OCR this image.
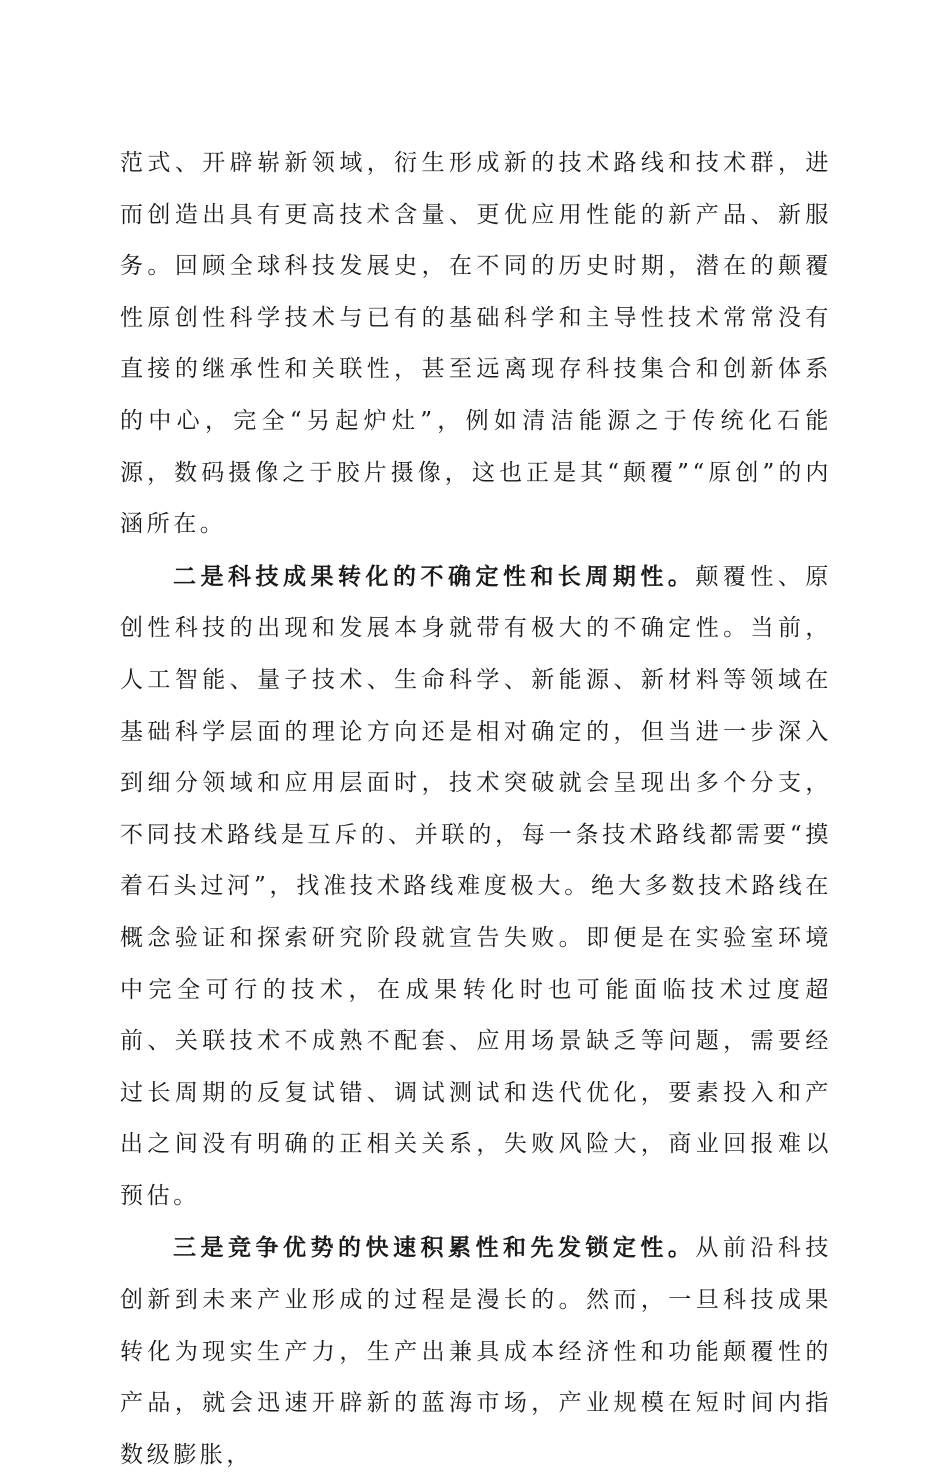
范式、开辟崭新领域，衍生形成新的技术路线和技术群，进而创造出具有更高技术含量、更优应用性能的新产品、新服务。回顾全球科技发展史，在不同的历史时期，潜在的颠覆性原创性科学技术与已有的基础科学和主导性技术常常没有直接的继承性和关联性，甚至远离现存科技集合和创新体系的中心，完全“另起炉灶”，例如清洁能源之于传统化石能源，数码摄像之于胶片摄像，这也正是其“颠覆”“原创”的内涵所在。

二是科技成果转化的不确定性和长周期性。颠覆性、原创性科技的出现和发展本身就带有极大的不确定性。当前，人工智能、量子技术、生命科学、新能源、新材料等领域在基础科学层面的理论方向还是相对确定的，但当进一步深入到细分领域和应用层面时，技术突破就会呈现出多个分支，不同技术路线是互斥的、并联的，每一条技术路线都需要“摸着石头过河”，找准技术路线难度极大。绝大多数技术路线在概念验证和探索研究阶段就宣告失败。即便是在实验室环境中完全可行的技术，在成果转化时也可能面临技术过度超前、关联技术不成熟不配套、应用场景缺乏等问题，需要经过长周期的反复试错、调试测试和迭代优化，要素投入和产出之间没有明确的正相关关系，失败风险大，商业回报难以预估。

三是竞争优势的快速积累性和先发锁定性。从前沿科技创新到未来产业形成的过程是漫长的。然而，一旦科技成果转化为现实生产力，生产出兼具成本经济性和功能颠覆性的产品，就会迅速开辟新的蓝海市场，产业规模在短时间内指数级膨胀，
